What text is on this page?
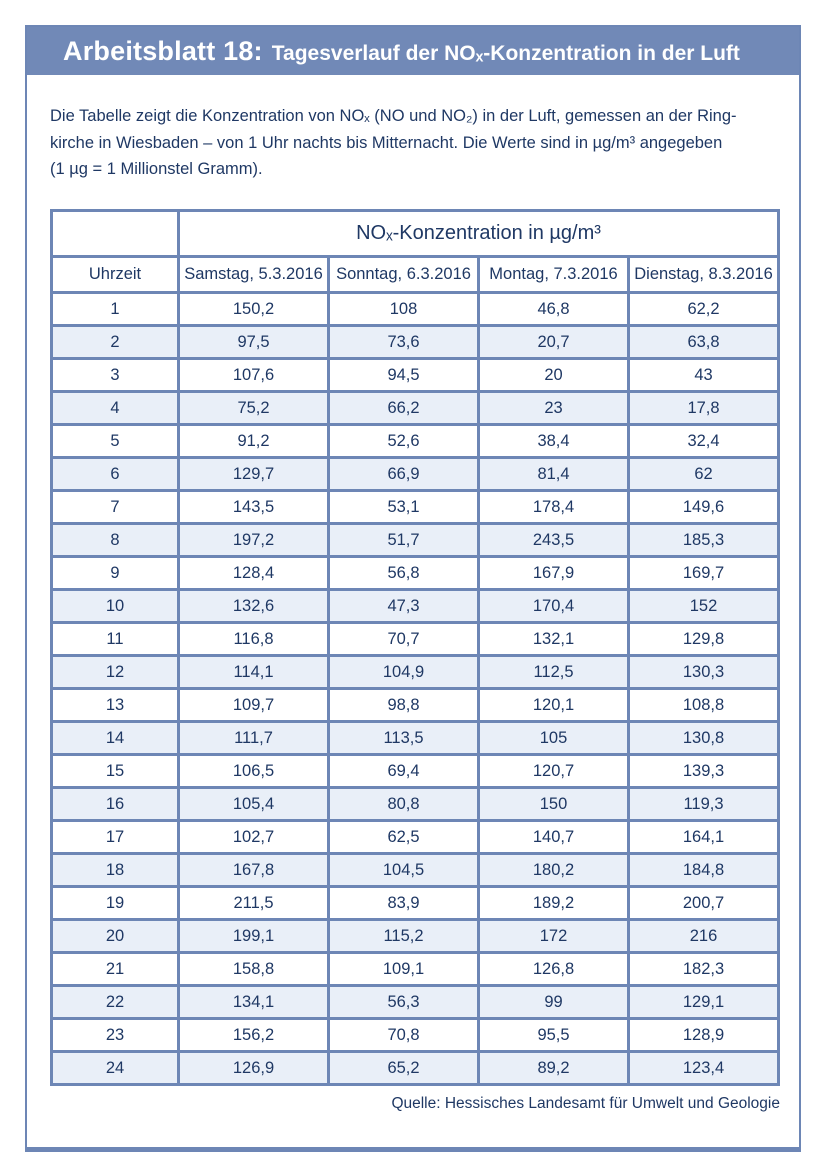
Arbeitsblatt 18: Tagesverlauf der NOₓ-Konzentration in der Luft
Die Tabelle zeigt die Konzentration von NOₓ (NO und NO₂) in der Luft, gemessen an der Ring-
kirche in Wiesbaden – von 1 Uhr nachts bis Mitternacht. Die Werte sind in µg/m³ angegeben
(1 µg = 1 Millionstel Gramm).
	NOₓ-Konzentration in µg/m³			
Uhrzeit	Samstag, 5.3.2016	Sonntag, 6.3.2016	Montag, 7.3.2016	Dienstag, 8.3.2016
1	150,2	108	46,8	62,2
2	97,5	73,6	20,7	63,8
3	107,6	94,5	20	43
4	75,2	66,2	23	17,8
5	91,2	52,6	38,4	32,4
6	129,7	66,9	81,4	62
7	143,5	53,1	178,4	149,6
8	197,2	51,7	243,5	185,3
9	128,4	56,8	167,9	169,7
10	132,6	47,3	170,4	152
11	116,8	70,7	132,1	129,8
12	114,1	104,9	112,5	130,3
13	109,7	98,8	120,1	108,8
14	111,7	113,5	105	130,8
15	106,5	69,4	120,7	139,3
16	105,4	80,8	150	119,3
17	102,7	62,5	140,7	164,1
18	167,8	104,5	180,2	184,8
19	211,5	83,9	189,2	200,7
20	199,1	115,2	172	216
21	158,8	109,1	126,8	182,3
22	134,1	56,3	99	129,1
23	156,2	70,8	95,5	128,9
24	126,9	65,2	89,2	123,4
Quelle: Hessisches Landesamt für Umwelt und Geologie
